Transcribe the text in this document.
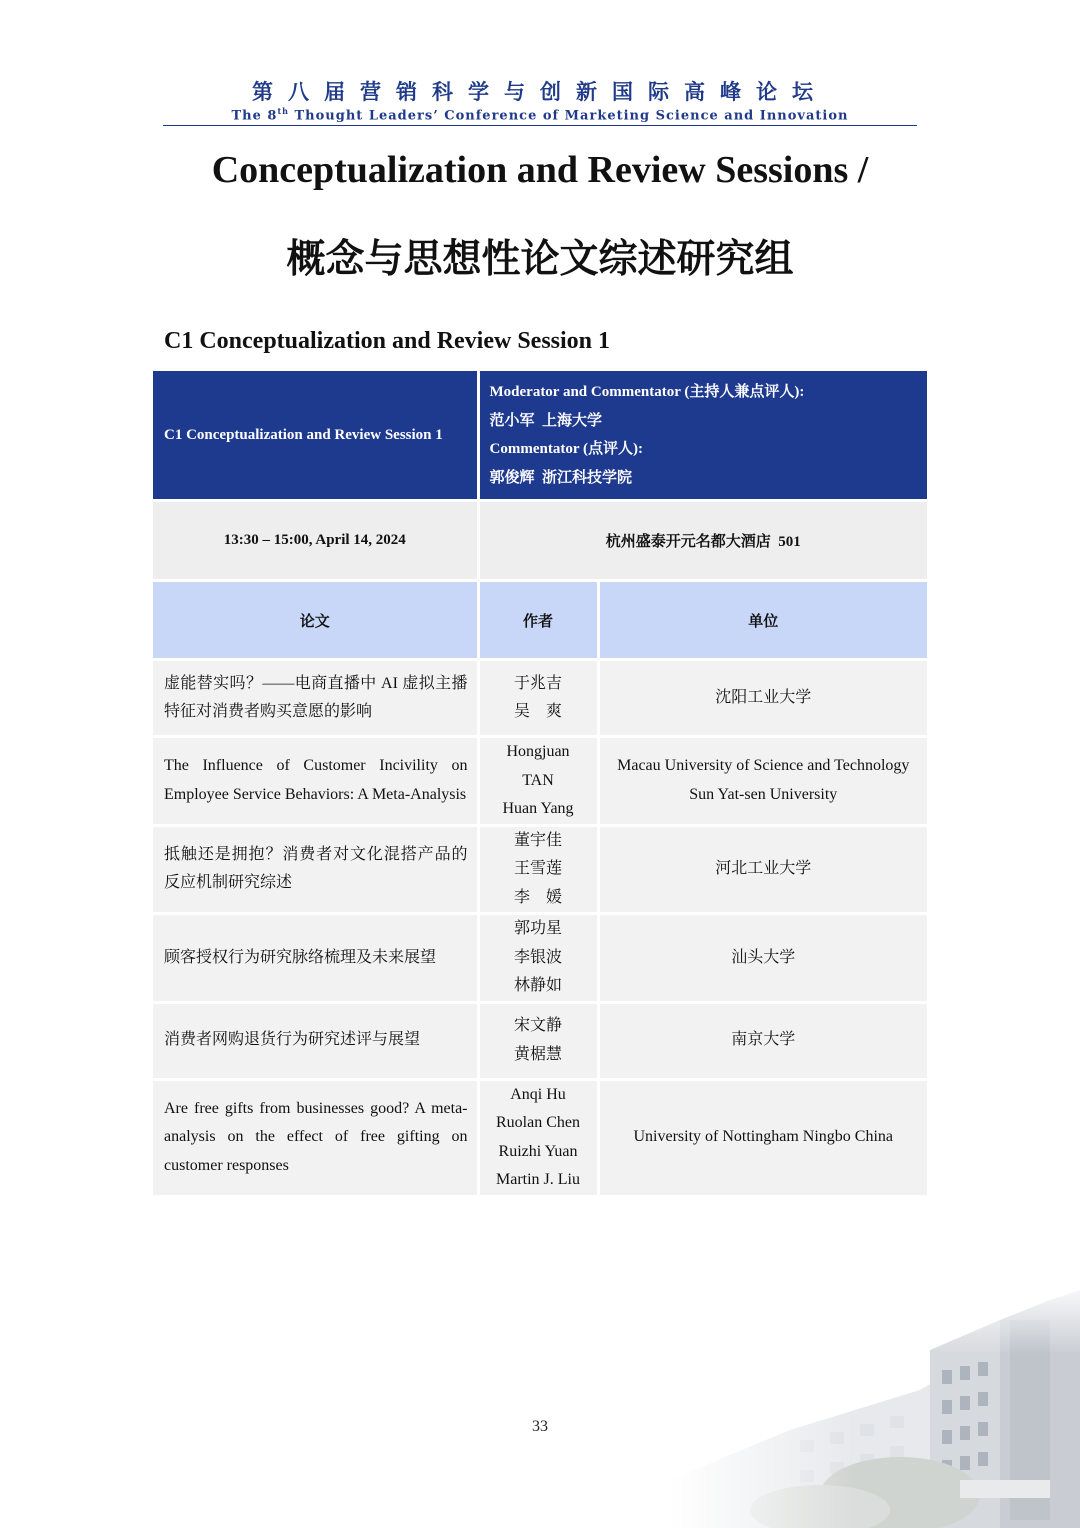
第八届营销科学与创新国际高峰论坛
The 8th Thought Leaders’ Conference of Marketing Science and Innovation
Conceptualization and Review Sessions /
概念与思想性论文综述研究组
C1 Conceptualization and Review Session 1
C1 Conceptualization and Review Session 1	Moderator and Commentator (主持人兼点评人):
范小军  上海大学
Commentator (点评人):
郭俊辉  浙江科技学院	

13:30 – 15:00, April 14, 2024	杭州盛泰开元名都大酒店  501	
论文	作者	单位
虚能替实吗？——电商直播中 AI 虚拟主播特征对消费者购买意愿的影响	于兆吉
吴　爽	沈阳工业大学

The Influence of Customer Incivility on Employee Service Behaviors: A Meta-Analysis	Hongjuan
TAN
Huan Yang	Macau University of Science and Technology
Sun Yat-sen University

抵触还是拥抱？消费者对文化混搭产品的反应机制研究综述	董宇佳
王雪莲
李　媛	河北工业大学

顾客授权行为研究脉络梳理及未来展望	郭功星
李银波
林静如	汕头大学

消费者网购退货行为研究述评与展望	宋文静
黄椐慧	南京大学

Are free gifts from businesses good? A meta-analysis on the effect of free gifting on customer responses	Anqi Hu
Ruolan Chen
Ruizhi Yuan
Martin J. Liu	University of Nottingham Ningbo China
33
